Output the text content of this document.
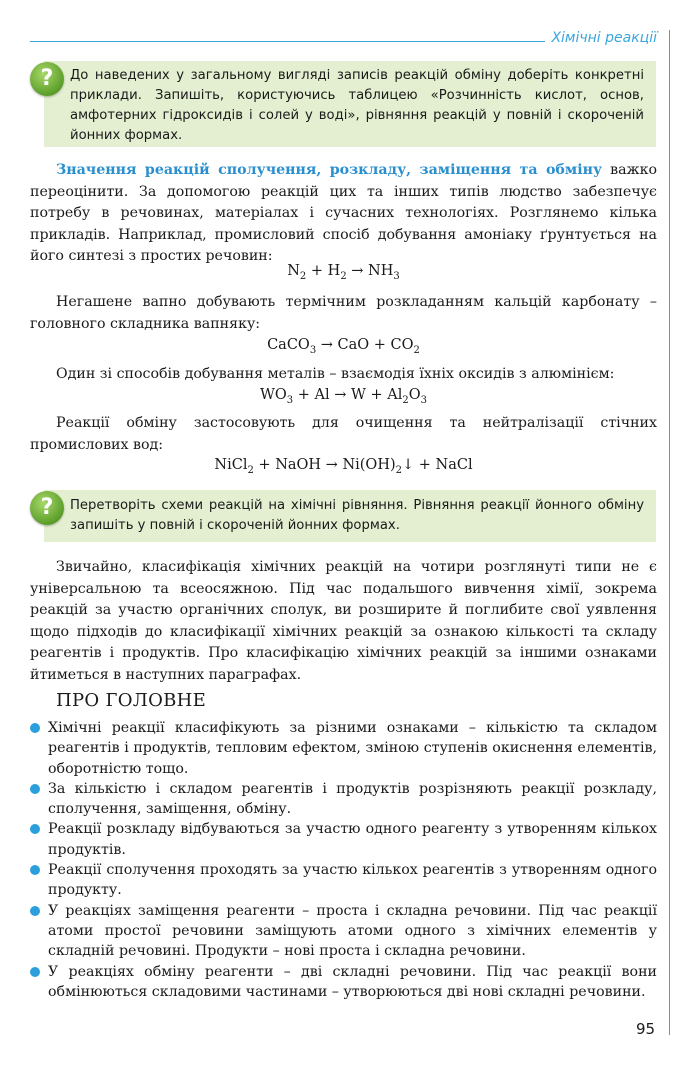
Хімічні реакції
До наведених у загальному вигляді записів реакцій обміну доберіть конкретні приклади. Запишіть, користуючись таблицею «Розчинність кислот, основ, амфотерних гідроксидів і солей у воді», рівняння реакцій у повній і скороченій йонних формах.
?
Значення реакцій сполучення, розкладу, заміщення та обміну важко переоцінити. За допомогою реакцій цих та інших типів людство забезпечує потребу в речовинах, матеріалах і сучасних технологіях. Розглянемо кілька прикладів. Наприклад, промисловий спосіб добування амоніаку ґрунтується на його синтезі з простих речовин:
$N_2 + H_2 \to NH_3$
Негашене вапно добувають термічним розкладанням кальцій карбонату – головного складника вапняку:
CaCO$_3$ → CaO + $CO_2$
Один зі способів добування металів – взаємодія їхніх оксидів з алюмінієм:
$WO_3 + Al \to W + Al_2O_3$
Реакції обміну застосовують для очищення та нейтралізації стічних промислових вод:
NiCl$_2$ + NaOH → $Ni(OH)_2↓$ + NaCl
Перетворіть схеми реакцій на хімічні рівняння. Рівняння реакції йонного обміну запишіть у повній і скороченій йонних формах.
?
Звичайно, класифікація хімічних реакцій на чотири розглянуті типи не є універсальною та всеосяжною. Під час подальшого вивчення хімії, зокрема реакцій за участю органічних сполук, ви розширите й поглибите свої уявлення щодо підходів до класифікації хімічних реакцій за ознакою кількості та складу реагентів і продуктів. Про класифікацію хімічних реакцій за іншими ознаками йтиметься в наступних параграфах.
ПРО ГОЛОВНЕ
Хімічні реакції класифікують за різними ознаками – кількістю та складом реагентів і продуктів, тепловим ефектом, зміною ступенів окиснення елементів, оборотністю тощо.
За кількістю і складом реагентів і продуктів розрізняють реакції розкладу, сполучення, заміщення, обміну.
Реакції розкладу відбуваються за участю одного реагенту з утворенням кількох продуктів.
Реакції сполучення проходять за участю кількох реагентів з утворенням одного продукту.
У реакціях заміщення реагенти – проста і складна речовини. Під час реакції атоми простої речовини заміщують атоми одного з хімічних елементів у складній речовині. Продукти – нові проста і складна речовини.
У реакціях обміну реагенти – дві складні речовини. Під час реакції вони обмінюються складовими частинами – утворюються дві нові складні речовини.
95
